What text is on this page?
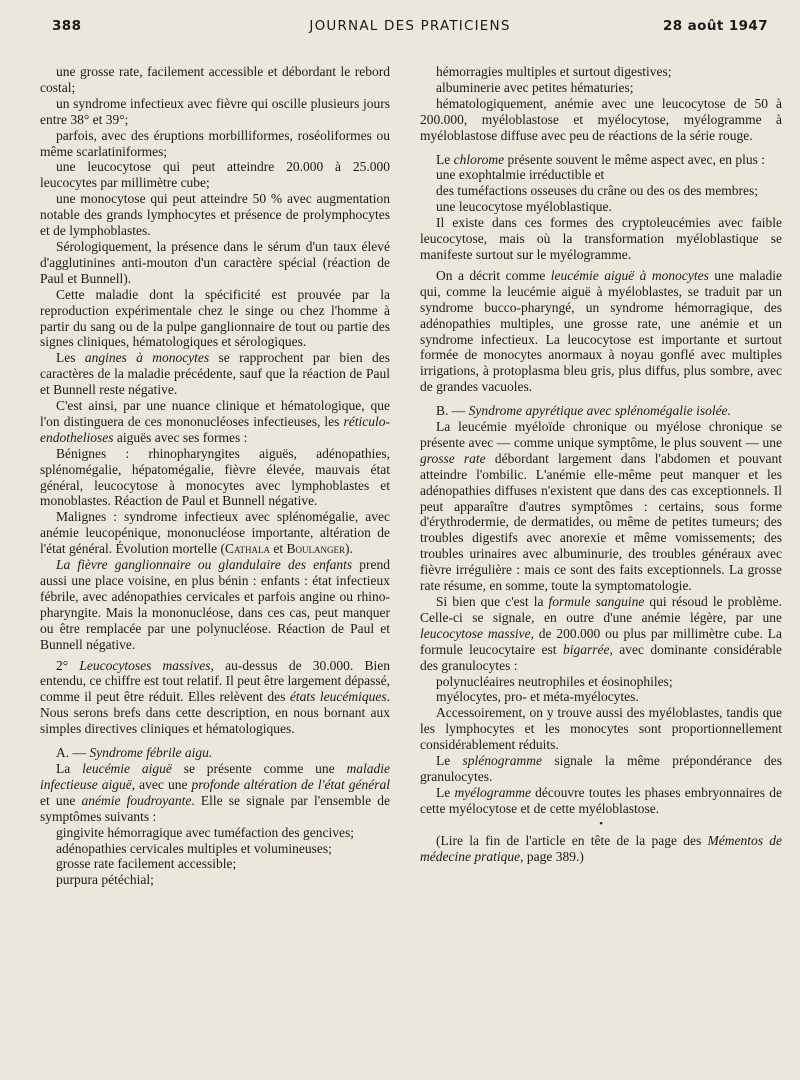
388	JOURNAL DES PRATICIENS	28 août 1947

une grosse rate, facilement accessible et débordant le rebord costal;

un syndrome infectieux avec fièvre qui oscille plusieurs jours entre 38° et 39°;

parfois, avec des éruptions morbilliformes, roséoliformes ou même scarlatiniformes;

une leucocytose qui peut atteindre 20.000 à 25.000 leucocytes par millimètre cube;

une monocytose qui peut atteindre 50 % avec augmentation notable des grands lymphocytes et présence de prolymphocytes et de lymphoblastes.

Sérologiquement, la présence dans le sérum d'un taux élevé d'agglutinines anti-mouton d'un caractère spécial (réaction de Paul et Bunnell).

Cette maladie dont la spécificité est prouvée par la reproduction expérimentale chez le singe ou chez l'homme à partir du sang ou de la pulpe ganglionnaire de tout ou partie des signes cliniques, hématologiques et sérologiques.

Les angines à monocytes se rapprochent par bien des caractères de la maladie précédente, sauf que la réaction de Paul et Bunnell reste négative.

C'est ainsi, par une nuance clinique et hématologique, que l'on distinguera de ces mononucléoses infectieuses, les réticulo-endothelioses aiguës avec ses formes :

Bénignes : rhinopharyngites aiguës, adénopathies, splénomégalie, hépatomégalie, fièvre élevée, mauvais état général, leucocytose à monocytes avec lymphoblastes et monoblastes. Réaction de Paul et Bunnell négative.

Malignes : syndrome infectieux avec splénomégalie, avec anémie leucopénique, mononucléose importante, altération de l'état général. Évolution mortelle (Cathala et Boulanger).

La fièvre ganglionnaire ou glandulaire des enfants prend aussi une place voisine, en plus bénin : enfants : état infectieux fébrile, avec adénopathies cervicales et parfois angine ou rhino-pharyngite. Mais la mononucléose, dans ces cas, peut manquer ou être remplacée par une polynucléose. Réaction de Paul et Bunnell négative.

2° Leucocytoses massives, au-dessus de 30.000. Bien entendu, ce chiffre est tout relatif. Il peut être largement dépassé, comme il peut être réduit. Elles relèvent des états leucémiques. Nous serons brefs dans cette description, en nous bornant aux simples directives cliniques et hématologiques.

A. — Syndrome fébrile aigu.

La leucémie aiguë se présente comme une maladie infectieuse aiguë, avec une profonde altération de l'état général et une anémie foudroyante. Elle se signale par l'ensemble de symptômes suivants :

gingivite hémorragique avec tuméfaction des gencives;

adénopathies cervicales multiples et volumineuses;

grosse rate facilement accessible;

purpura pétéchial;

hémorragies multiples et surtout digestives;

albuminerie avec petites hématuries;

hématologiquement, anémie avec une leucocytose de 50 à 200.000, myéloblastose et myélocytose, myélogramme à myéloblastose diffuse avec peu de réactions de la série rouge.

Le chlorome présente souvent le même aspect avec, en plus :

une exophtalmie irréductible et

des tuméfactions osseuses du crâne ou des os des membres;

une leucocytose myéloblastique.

Il existe dans ces formes des cryptoleucémies avec faible leucocytose, mais où la transformation myéloblastique se manifeste surtout sur le myélogramme.

On a décrit comme leucémie aiguë à monocytes une maladie qui, comme la leucémie aiguë à myéloblastes, se traduit par un syndrome bucco-pharyngé, un syndrome hémorragique, des adénopathies multiples, une grosse rate, une anémie et un syndrome infectieux. La leucocytose est importante et surtout formée de monocytes anormaux à noyau gonflé avec multiples irrigations, à protoplasma bleu gris, plus diffus, plus sombre, avec de grandes vacuoles.

B. — Syndrome apyrétique avec splénomégalie isolée.

La leucémie myéloïde chronique ou myélose chronique se présente avec — comme unique symptôme, le plus souvent — une grosse rate débordant largement dans l'abdomen et pouvant atteindre l'ombilic. L'anémie elle-même peut manquer et les adénopathies diffuses n'existent que dans des cas exceptionnels. Il peut apparaître d'autres symptômes : certains, sous forme d'érythrodermie, de dermatides, ou même de petites tumeurs; des troubles digestifs avec anorexie et même vomissements; des troubles urinaires avec albuminurie, des troubles généraux avec fièvre irrégulière : mais ce sont des faits exceptionnels. La grosse rate résume, en somme, toute la symptomatologie.

Si bien que c'est la formule sanguine qui résoud le problème. Celle-ci se signale, en outre d'une anémie légère, par une leucocytose massive, de 200.000 ou plus par millimètre cube. La formule leucocytaire est bigarrée, avec dominante considérable des granulocytes :

polynucléaires neutrophiles et éosinophiles;

myélocytes, pro- et méta-myélocytes.

Accessoirement, on y trouve aussi des myéloblastes, tandis que les lymphocytes et les monocytes sont proportionnellement considérablement réduits.

Le splénogramme signale la même prépondérance des granulocytes.

Le myélogramme découvre toutes les phases embryonnaires de cette myélocytose et de cette myéloblastose.

•

(Lire la fin de l'article en tête de la page des Mémentos de médecine pratique, page 389.)
